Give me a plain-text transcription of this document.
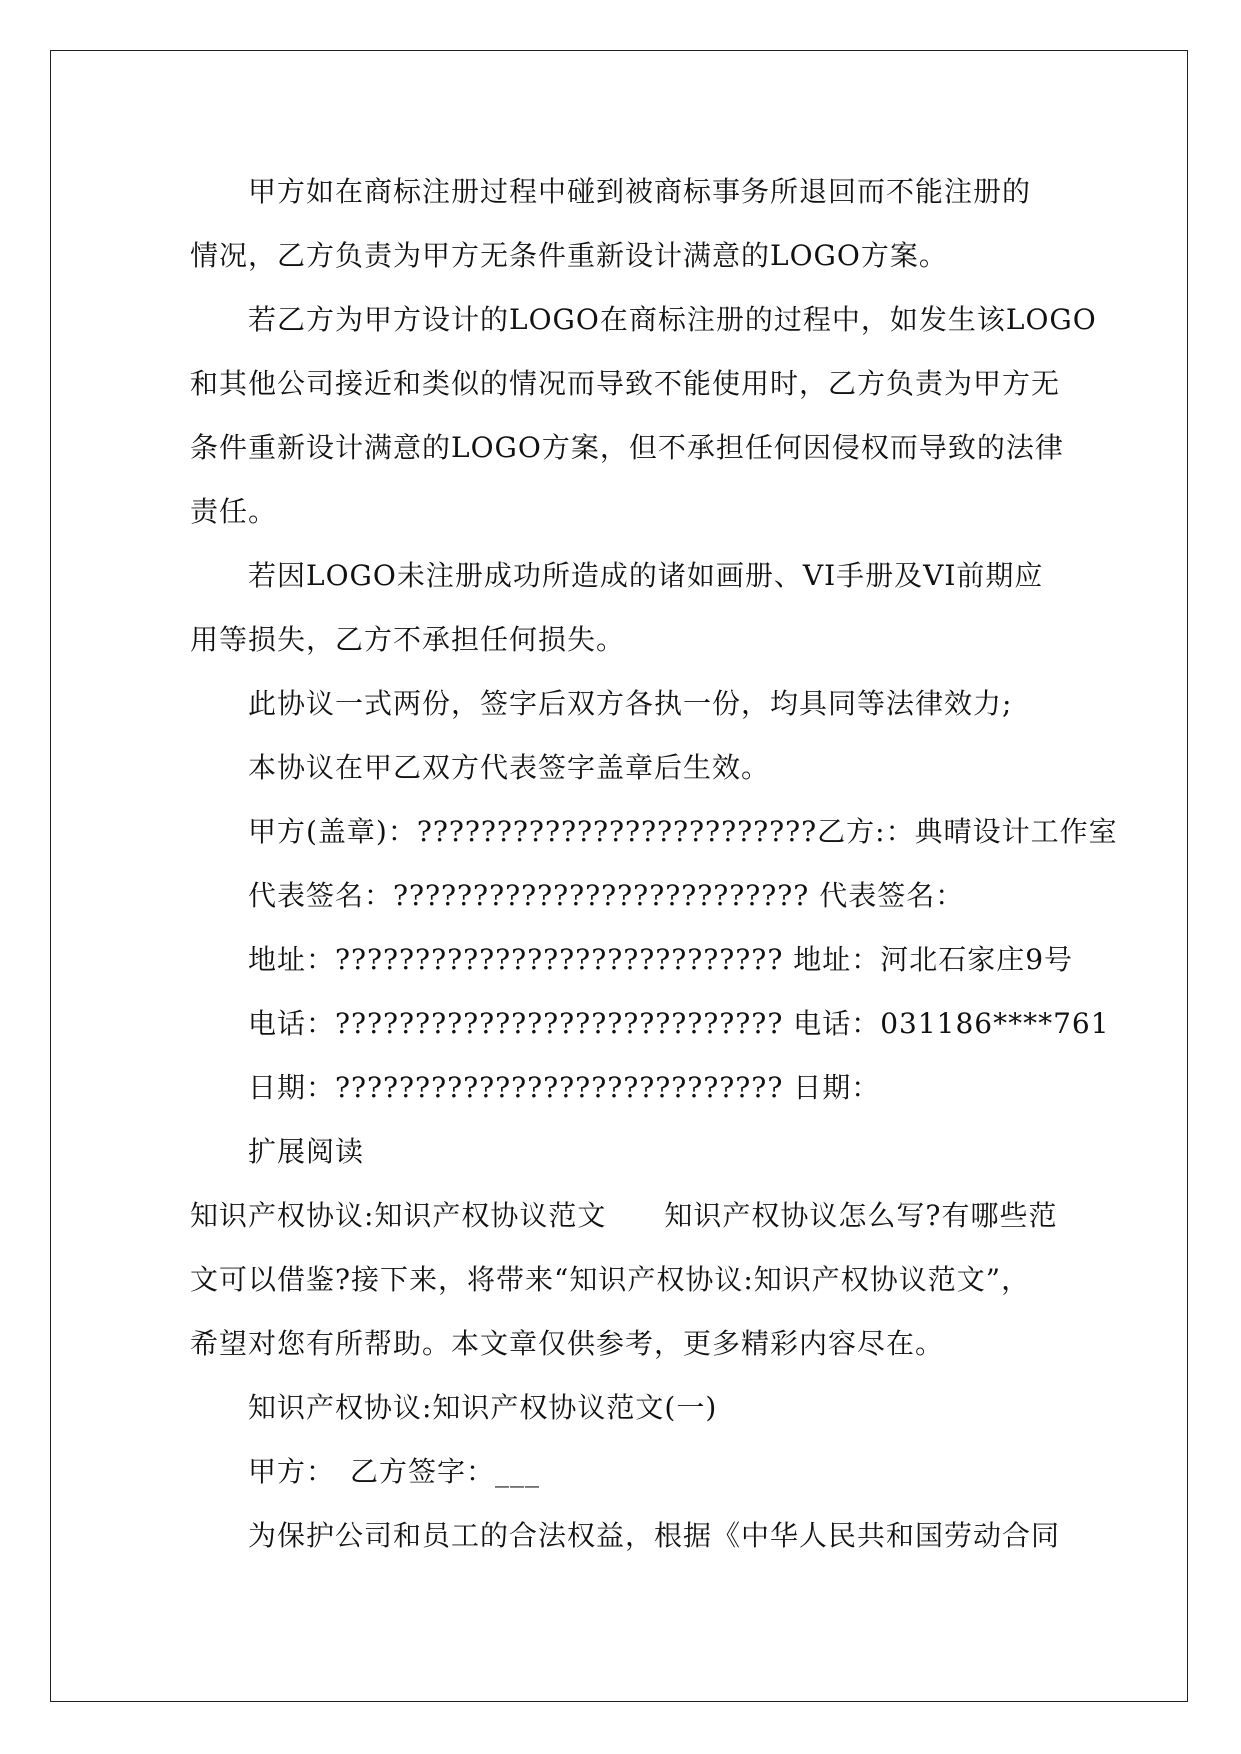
甲方如在商标注册过程中碰到被商标事务所退回而不能注册的
情况，乙方负责为甲方无条件重新设计满意的LOGO方案。
若乙方为甲方设计的LOGO在商标注册的过程中，如发生该LOGO
和其他公司接近和类似的情况而导致不能使用时，乙方负责为甲方无
条件重新设计满意的LOGO方案，但不承担任何因侵权而导致的法律
责任。
若因LOGO未注册成功所造成的诸如画册、VI手册及VI前期应
用等损失，乙方不承担任何损失。
此协议一式两份，签字后双方各执一份，均具同等法律效力;
本协议在甲乙双方代表签字盖章后生效。
甲方(盖章)：?????????????????????????乙方:：典晴设计工作室
代表签名：?????????????????????????? 代表签名：
地址：???????????????????????????? 地址：河北石家庄9号
电话：???????????????????????????? 电话：031186****761
日期：???????????????????????????? 日期：
扩展阅读
知识产权协议:知识产权协议范文　　知识产权协议怎么写?有哪些范
文可以借鉴?接下来，将带来“知识产权协议:知识产权协议范文”，
希望对您有所帮助。本文章仅供参考，更多精彩内容尽在。
知识产权协议:知识产权协议范文(一)
甲方：　乙方签字：___
为保护公司和员工的合法权益，根据《中华人民共和国劳动合同
